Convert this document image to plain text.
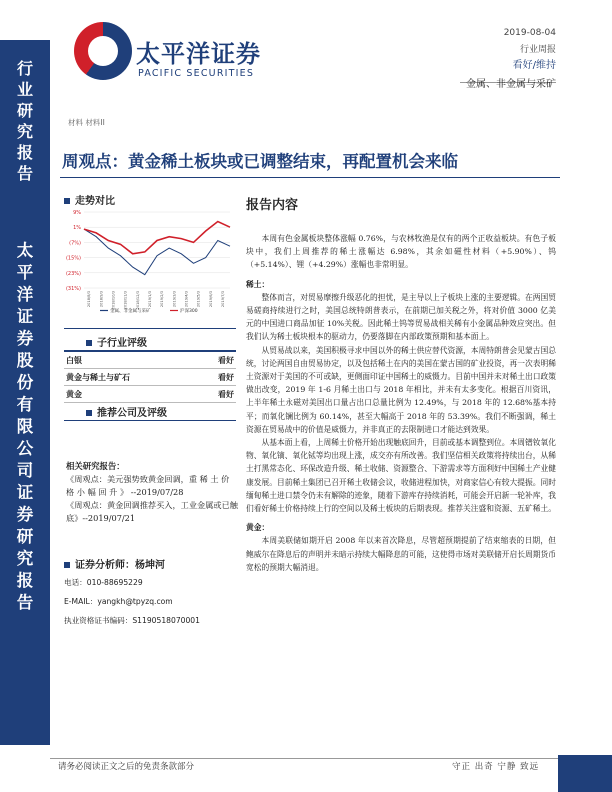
行
业
研
究
报
告
太
平
洋
证
券
股
份
有
限
公
司
证
券
研
究
报
告
太平洋证券
PACIFIC SECURITIES
2019-08-04
行业周报
看好/维持
金属、非金属与采矿
材料 材料II
周观点：黄金稀土板块或已调整结束，再配置机会来临
走势对比
9%
1%
(7%)
(15%)
(23%)
(31%)
2018/8/3 2018/9/3 2018/10/3 2018/11/3 2018/12/3 2019/1/3 2019/2/3 2019/3/3 2019/4/3 2019/5/3 2019/6/3 2019/7/3
金属、非金属与采矿	沪深300
子行业评级

白银	看好
黄金与稀土与矿石	看好
黄金	看好
推荐公司及评级
相关研究报告：
《周观点：美元强势致黄金回调，重 稀 土 价 格 小 幅 回 升 》 --2019/07/28
《周观点：黄金回调推荐买入，工业金属或已触底》--2019/07/21
证券分析师：杨坤河
电话：010-88695229
E-MAIL：yangkh@tpyzq.com
执业资格证书编码：S1190518070001
报告内容

本周有色金属板块整体涨幅 0.76%，与农林牧渔是仅有的两个正收益板块。有色子板块中，我们上周推荐的稀土涨幅达 6.98%，其余如磁性材料（+5.90%）、钨（+5.14%）、锂（+4.29%）涨幅也非常明显。

稀土：

整体而言，对贸易摩擦升级恶化的担忧，是主导以上子板块上涨的主要逻辑。在两国贸易磋商持续进行之时，美国总统特朗普表示，在前期已加关税之外，将对价值 3000 亿美元的中国进口商品加征 10%关税。因此稀土钨等贸易战相关稀有小金属品种效应突出。但我们认为稀土板块根本的驱动力，仍要落脚在内部政策预期和基本面上。

从贸易战以来，美国积极寻求中国以外的稀土供应替代资源，本周特朗普会见蒙古国总统，讨论两国自由贸易协定，以及包括稀土在内的美国在蒙古国的矿业投资，再一次表明稀土资源对于美国的不可或缺，更侧面印证中国稀土的威慑力。目前中国并未对稀土出口政策做出改变，2019 年 1-6 月稀土出口与 2018 年相比，并未有太多变化。根据百川资讯，上半年稀土永磁对美国出口量占出口总量比例为 12.49%，与 2018 年的 12.68%基本持平；而氧化镧比例为 60.14%，甚至大幅高于 2018 年的 53.39%。我们不断强调，稀土资源在贸易战中的价值是威慑力，并非真正的去限制进口才能达到效果。

从基本面上看，上周稀土价格开始出现触底回升，目前或基本调整到位。本周镨钕氧化物、氧化镝、氧化铽等均出现上涨，成交亦有所改善。我们坚信相关政策将持续出台，从稀土打黑常态化、环保改造升级、稀土收储、资源整合、下游需求等方面利好中国稀土产业健康发展。目前稀土集团已召开稀土收储会议，收储进程加快，对商家信心有较大提振。同时缅甸稀土进口禁令仍未有解除的迹象，随着下游库存持续消耗，可能会开启新一轮补库，我们看好稀土价格持续上行的空间以及稀土板块的后期表现。推荐关注盛和资源、五矿稀土。

黄金：

本周美联储如期开启 2008 年以来首次降息，尽管超预期提前了结束缩表的日期，但鲍威尔在降息后的声明并未暗示持续大幅降息的可能，这使得市场对美联储开启长周期货币宽松的预期大幅消退。

请务必阅读正文之后的免责条款部分	守正 出奇 宁静 致远
